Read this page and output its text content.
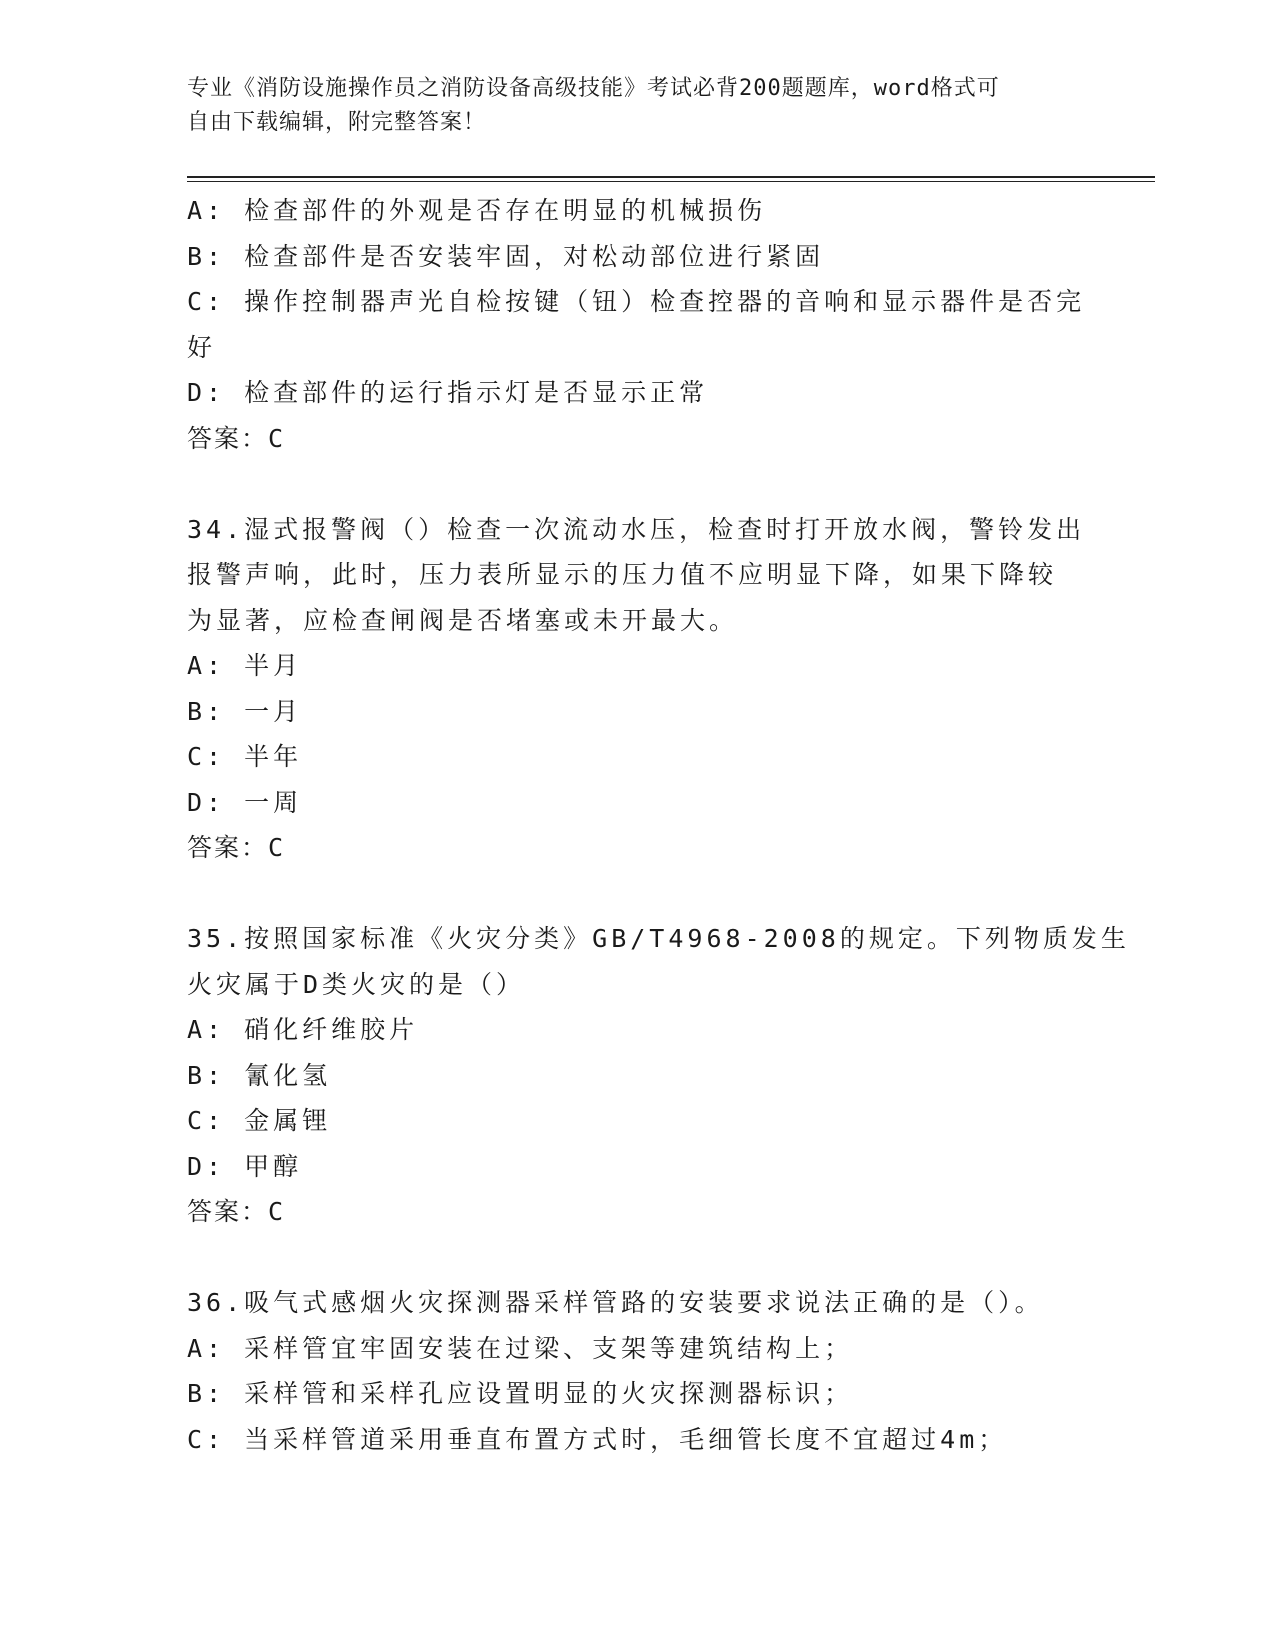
专业《消防设施操作员之消防设备高级技能》考试必背200题题库，word格式可
自由下载编辑，附完整答案！
A: 检查部件的外观是否存在明显的机械损伤
B: 检查部件是否安装牢固，对松动部位进行紧固
C: 操作控制器声光自检按键（钮）检查控器的音响和显示器件是否完
好
D: 检查部件的运行指示灯是否显示正常
答案：C
34.湿式报警阀（）检查一次流动水压，检查时打开放水阀，警铃发出
报警声响，此时，压力表所显示的压力值不应明显下降，如果下降较
为显著，应检查闸阀是否堵塞或未开最大。
A: 半月
B: 一月
C: 半年
D: 一周
答案：C
35.按照国家标准《火灾分类》GB/T4968-2008的规定。下列物质发生
火灾属于D类火灾的是（）
A: 硝化纤维胶片
B: 氰化氢
C: 金属锂
D: 甲醇
答案：C
36.吸气式感烟火灾探测器采样管路的安装要求说法正确的是（）。
A: 采样管宜牢固安装在过梁、支架等建筑结构上；
B: 采样管和采样孔应设置明显的火灾探测器标识；
C: 当采样管道采用垂直布置方式时，毛细管长度不宜超过4m；
